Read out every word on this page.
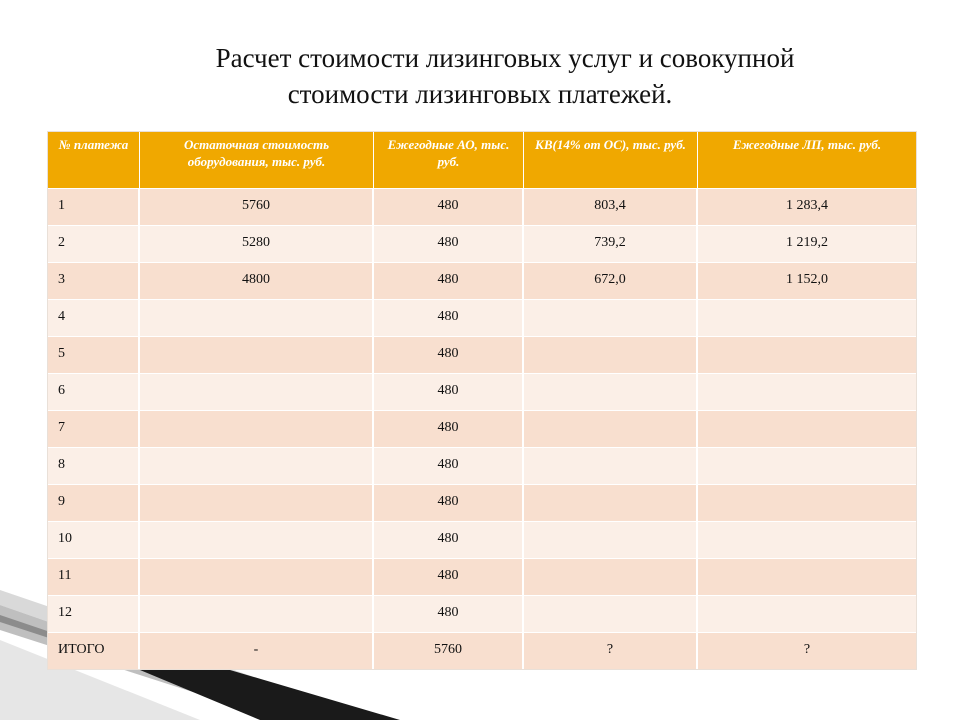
Расчет стоимости лизинговых услуг и совокупной
стоимости лизинговых платежей.
№ платежа	Остаточная стоимость оборудования, тыс. руб.	Ежегодные АО, тыс. руб.	КВ(14% от ОС), тыс. руб.	Ежегодные ЛП, тыс. руб.
1	5760	480	803,4	1 283,4
2	5280	480	739,2	1 219,2
3	4800	480	672,0	1 152,0
4		480		
5		480		
6		480		
7		480		
8		480		
9		480		
10		480		
11		480		
12		480		
ИТОГО	-	5760	?	?
